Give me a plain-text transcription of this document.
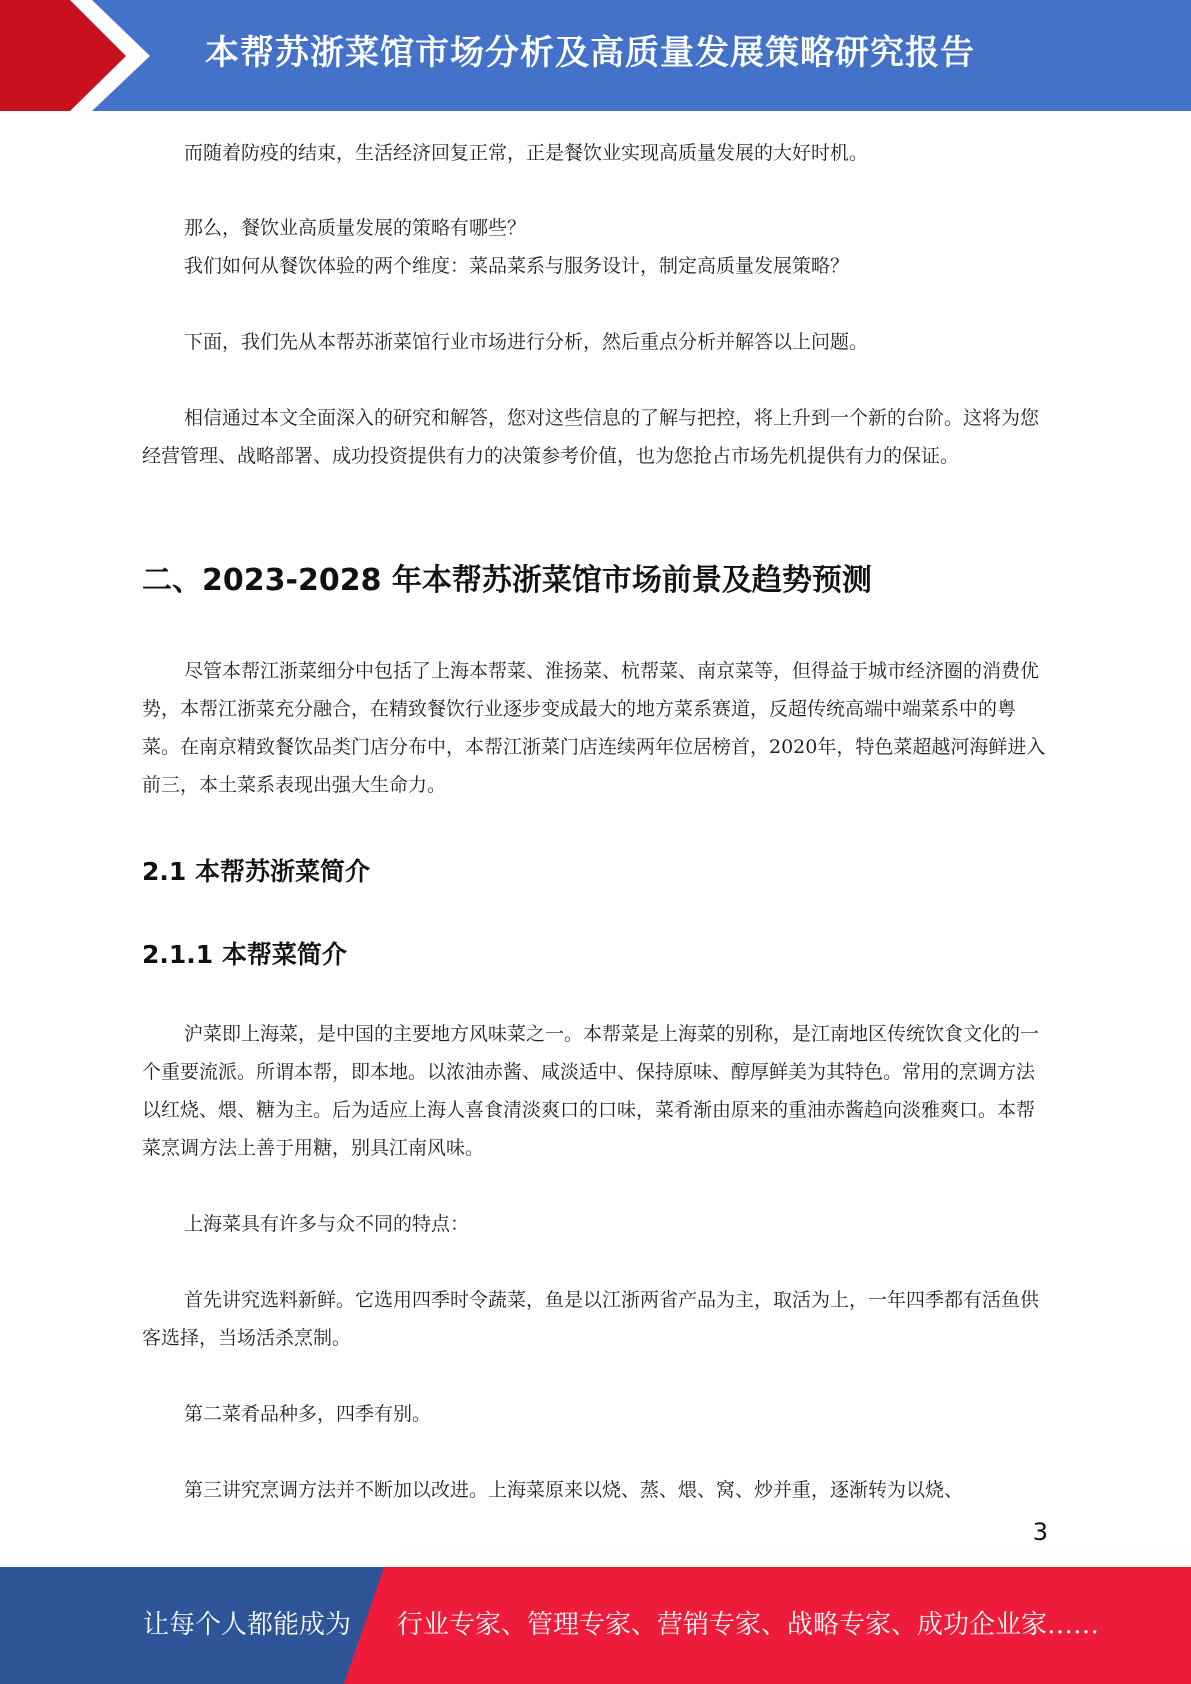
本帮苏浙菜馆市场分析及高质量发展策略研究报告

而随着防疫的结束，生活经济回复正常，正是餐饮业实现高质量发展的大好时机。

那么，餐饮业高质量发展的策略有哪些？

我们如何从餐饮体验的两个维度：菜品菜系与服务设计，制定高质量发展策略？

下面，我们先从本帮苏浙菜馆行业市场进行分析，然后重点分析并解答以上问题。

相信通过本文全面深入的研究和解答，您对这些信息的了解与把控，将上升到一个新的台阶。这将为您经营管理、战略部署、成功投资提供有力的决策参考价值，也为您抢占市场先机提供有力的保证。

二、2023-2028 年本帮苏浙菜馆市场前景及趋势预测

尽管本帮江浙菜细分中包括了上海本帮菜、淮扬菜、杭帮菜、南京菜等，但得益于城市经济圈的消费优势，本帮江浙菜充分融合，在精致餐饮行业逐步变成最大的地方菜系赛道，反超传统高端中端菜系中的粤菜。在南京精致餐饮品类门店分布中，本帮江浙菜门店连续两年位居榜首，2020年，特色菜超越河海鲜进入前三，本土菜系表现出强大生命力。

2.1 本帮苏浙菜简介
2.1.1 本帮菜简介

沪菜即上海菜，是中国的主要地方风味菜之一。本帮菜是上海菜的别称，是江南地区传统饮食文化的一个重要流派。所谓本帮，即本地。以浓油赤酱、咸淡适中、保持原味、醇厚鲜美为其特色。常用的烹调方法以红烧、煨、糖为主。后为适应上海人喜食清淡爽口的口味，菜肴渐由原来的重油赤酱趋向淡雅爽口。本帮菜烹调方法上善于用糖，别具江南风味。

上海菜具有许多与众不同的特点：

首先讲究选料新鲜。它选用四季时令蔬菜，鱼是以江浙两省产品为主，取活为上，一年四季都有活鱼供客选择，当场活杀烹制。

第二菜肴品种多，四季有别。

第三讲究烹调方法并不断加以改进。上海菜原来以烧、蒸、煨、窝、炒并重，逐渐转为以烧、

3
让每个人都能成为 行业专家、管理专家、营销专家、战略专家、成功企业家……
